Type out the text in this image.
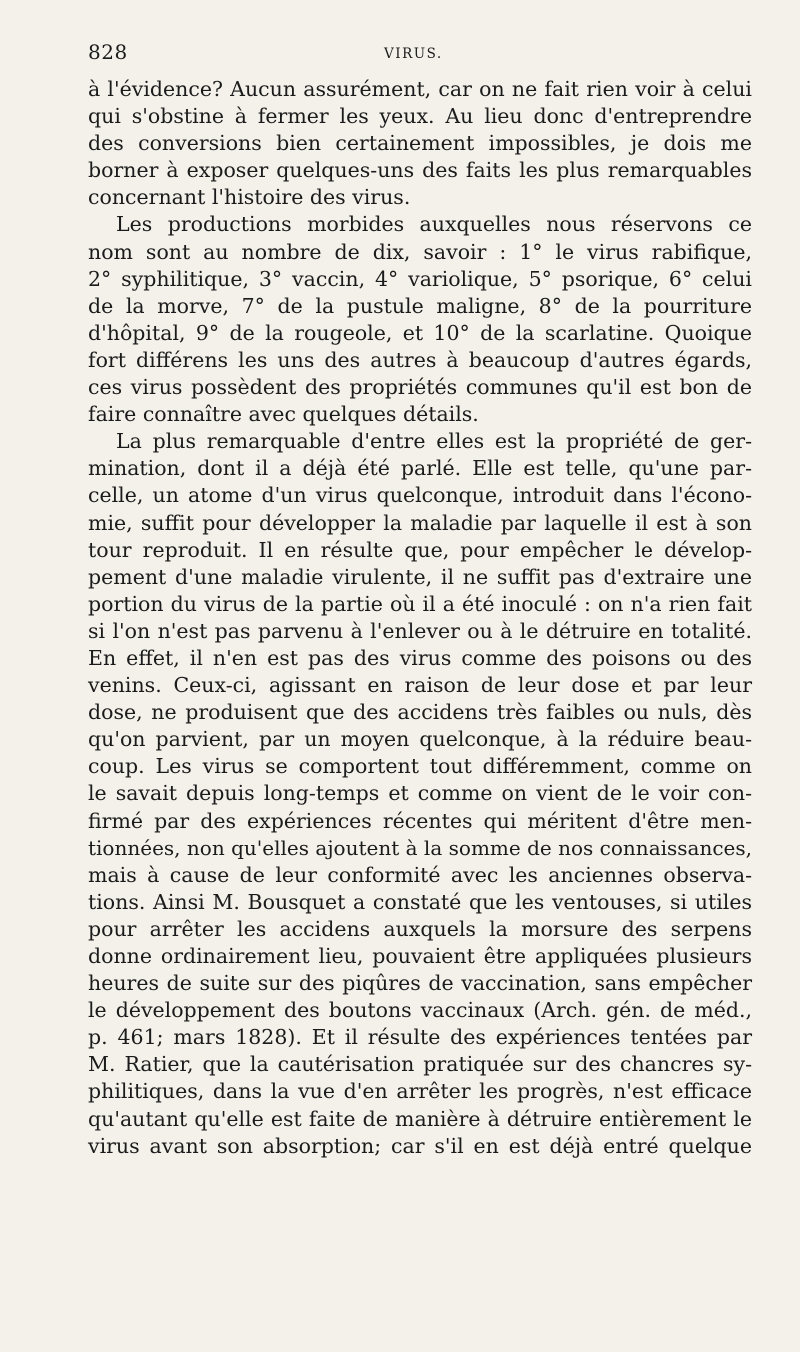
828	VIRUS.
à l'évidence? Aucun assurément, car on ne fait rien voir à celui
qui s'obstine à fermer les yeux. Au lieu donc d'entreprendre
des conversions bien certainement impossibles, je dois me
borner à exposer quelques-uns des faits les plus remarquables
concernant l'histoire des virus.
Les productions morbides auxquelles nous réservons ce
nom sont au nombre de dix, savoir : 1° le virus rabifique,
2° syphilitique, 3° vaccin, 4° variolique, 5° psorique, 6° celui
de la morve, 7° de la pustule maligne, 8° de la pourriture
d'hôpital, 9° de la rougeole, et 10° de la scarlatine. Quoique
fort différens les uns des autres à beaucoup d'autres égards,
ces virus possèdent des propriétés communes qu'il est bon de
faire connaître avec quelques détails.
La plus remarquable d'entre elles est la propriété de ger-
mination, dont il a déjà été parlé. Elle est telle, qu'une par-
celle, un atome d'un virus quelconque, introduit dans l'écono-
mie, suffit pour développer la maladie par laquelle il est à son
tour reproduit. Il en résulte que, pour empêcher le dévelop-
pement d'une maladie virulente, il ne suffit pas d'extraire une
portion du virus de la partie où il a été inoculé : on n'a rien fait
si l'on n'est pas parvenu à l'enlever ou à le détruire en totalité.
En effet, il n'en est pas des virus comme des poisons ou des
venins. Ceux-ci, agissant en raison de leur dose et par leur
dose, ne produisent que des accidens très faibles ou nuls, dès
qu'on parvient, par un moyen quelconque, à la réduire beau-
coup. Les virus se comportent tout différemment, comme on
le savait depuis long-temps et comme on vient de le voir con-
firmé par des expériences récentes qui méritent d'être men-
tionnées, non qu'elles ajoutent à la somme de nos connaissances,
mais à cause de leur conformité avec les anciennes observa-
tions. Ainsi M. Bousquet a constaté que les ventouses, si utiles
pour arrêter les accidens auxquels la morsure des serpens
donne ordinairement lieu, pouvaient être appliquées plusieurs
heures de suite sur des piqûres de vaccination, sans empêcher
le développement des boutons vaccinaux (Arch. gén. de méd.,
p. 461; mars 1828). Et il résulte des expériences tentées par
M. Ratier, que la cautérisation pratiquée sur des chancres sy-
philitiques, dans la vue d'en arrêter les progrès, n'est efficace
qu'autant qu'elle est faite de manière à détruire entièrement le
virus avant son absorption; car s'il en est déjà entré quelque
